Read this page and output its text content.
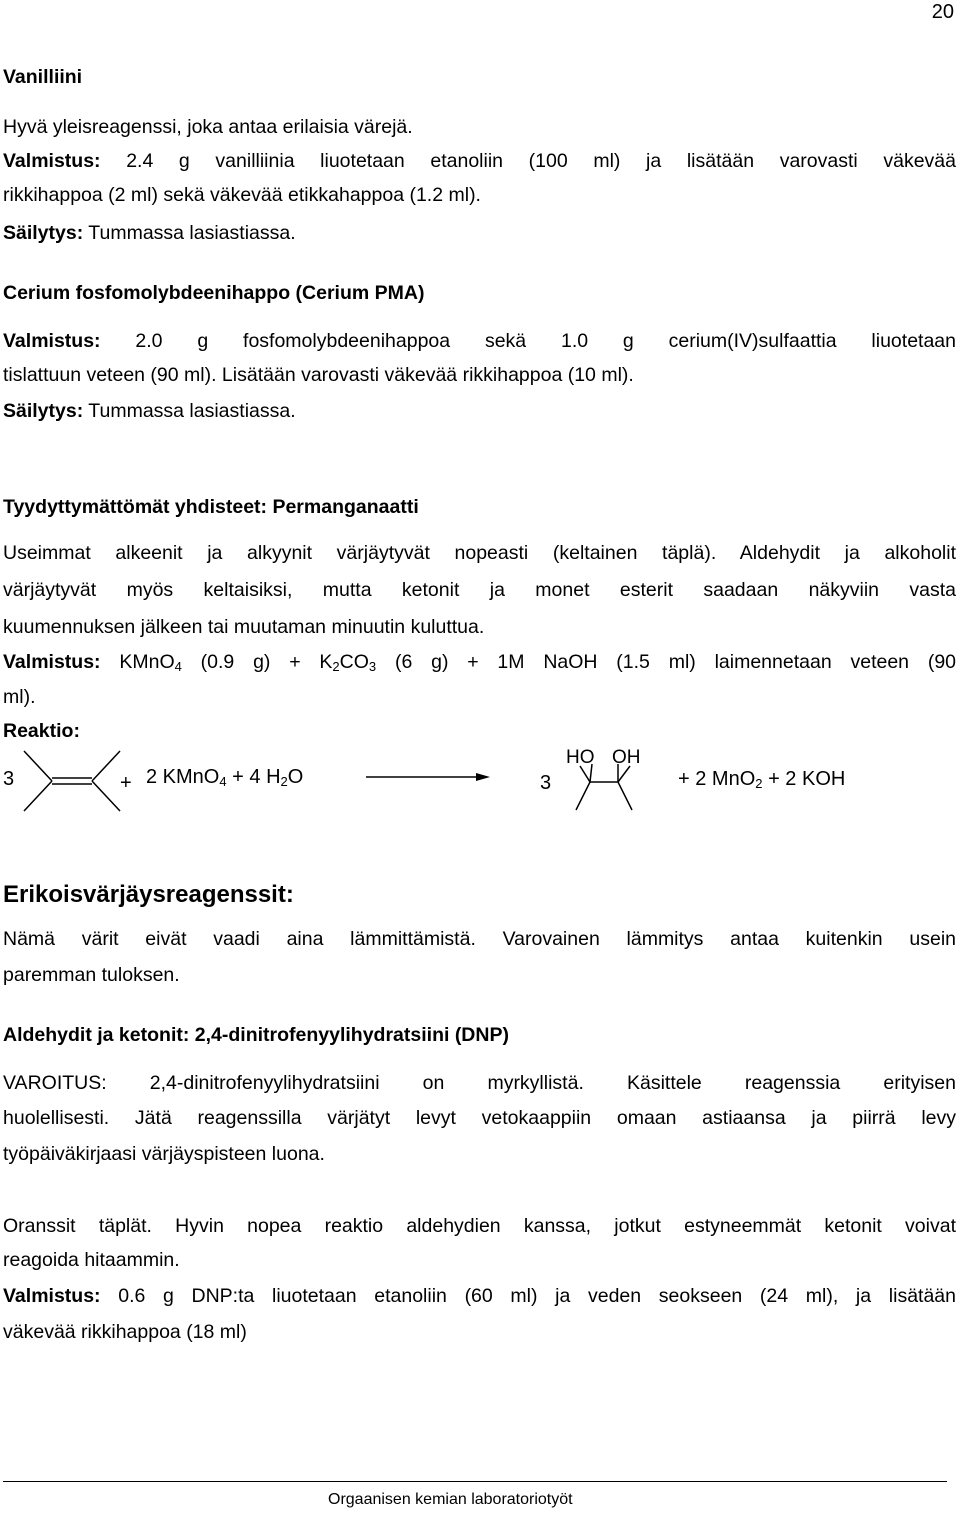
20
Vanilliini
Hyvä yleisreagenssi, joka antaa erilaisia värejä.
Valmistus: 2.4 g vanilliinia liuotetaan etanoliin (100 ml) ja lisätään varovasti väkevää
rikkihappoa (2 ml) sekä väkevää etikkahappoa (1.2 ml).
Säilytys: Tummassa lasiastiassa.
Cerium fosfomolybdeenihappo (Cerium PMA)
Valmistus: 2.0 g fosfomolybdeenihappoa sekä 1.0 g cerium(IV)sulfaattia liuotetaan
tislattuun veteen (90 ml). Lisätään varovasti väkevää rikkihappoa (10 ml).
Säilytys: Tummassa lasiastiassa.
Tyydyttymättömät yhdisteet: Permanganaatti
Useimmat alkeenit ja alkyynit värjäytyvät nopeasti (keltainen täplä). Aldehydit ja alkoholit
värjäytyvät myös keltaisiksi, mutta ketonit ja monet esterit saadaan näkyviin vasta
kuumennuksen jälkeen tai muutaman minuutin kuluttua.
Valmistus: KMnO$_4$ (0.9 $g) + K_2CO_3$ (6 g) + 1M NaOH (1.5 ml) laimennetaan veteen (90
ml).
Reaktio:
3	+ 2 KMnO$_4$ + 4 $H_2O$	3
HO OH
+ 2 MnO$_2$ + 2 KOH
Erikoisvärjäysreagenssit:
Nämä värit eivät vaadi aina lämmittämistä. Varovainen lämmitys antaa kuitenkin usein
paremman tuloksen.
Aldehydit ja ketonit: 2,4-dinitrofenyylihydratsiini (DNP)
VAROITUS: 2,4-dinitrofenyylihydratsiini on myrkyllistä. Käsittele reagenssia erityisen
huolellisesti. Jätä reagenssilla värjätyt levyt vetokaappiin omaan astiaansa ja piirrä levy
työpäiväkirjaasi värjäyspisteen luona.
Oranssit täplät. Hyvin nopea reaktio aldehydien kanssa, jotkut estyneemmät ketonit voivat
reagoida hitaammin.
Valmistus: 0.6 g DNP:ta liuotetaan etanoliin (60 ml) ja veden seokseen (24 ml), ja lisätään
väkevää rikkihappoa (18 ml)
Orgaanisen kemian laboratoriotyöt
